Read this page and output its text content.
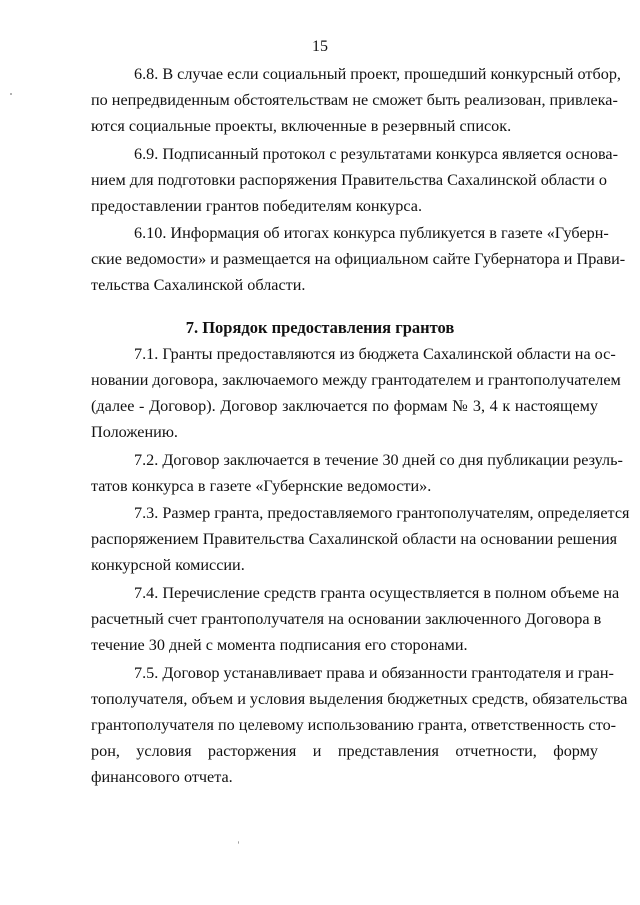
15
6.8. В случае если социальный проект, прошедший конкурсный отбор,
по непредвиденным обстоятельствам не сможет быть реализован, привлека-
ются социальные проекты, включенные в резервный список.
6.9. Подписанный протокол с результатами конкурса является основа-
нием для подготовки распоряжения Правительства Сахалинской области о
предоставлении грантов победителям конкурса.
6.10. Информация об итогах конкурса публикуется в газете «Губерн-
ские ведомости» и размещается на официальном сайте Губернатора и Прави-
тельства Сахалинской области.
7. Порядок предоставления грантов
7.1. Гранты предоставляются из бюджета Сахалинской области на ос-
новании договора, заключаемого между грантодателем и грантополучателем
(далее - Договор). Договор заключается по формам № 3, 4 к настоящему
Положению.
7.2. Договор заключается в течение 30 дней со дня публикации резуль-
татов конкурса в газете «Губернские ведомости».
7.3. Размер гранта, предоставляемого грантополучателям, определяется
распоряжением Правительства Сахалинской области на основании решения
конкурсной комиссии.
7.4. Перечисление средств гранта осуществляется в полном объеме на
расчетный счет грантополучателя на основании заключенного Договора в
течение 30 дней с момента подписания его сторонами.
7.5. Договор устанавливает права и обязанности грантодателя и гран-
тополучателя, объем и условия выделения бюджетных средств, обязательства
грантополучателя по целевому использованию гранта, ответственность сто-
рон, условия расторжения и представления отчетности, форму
финансового отчета.
